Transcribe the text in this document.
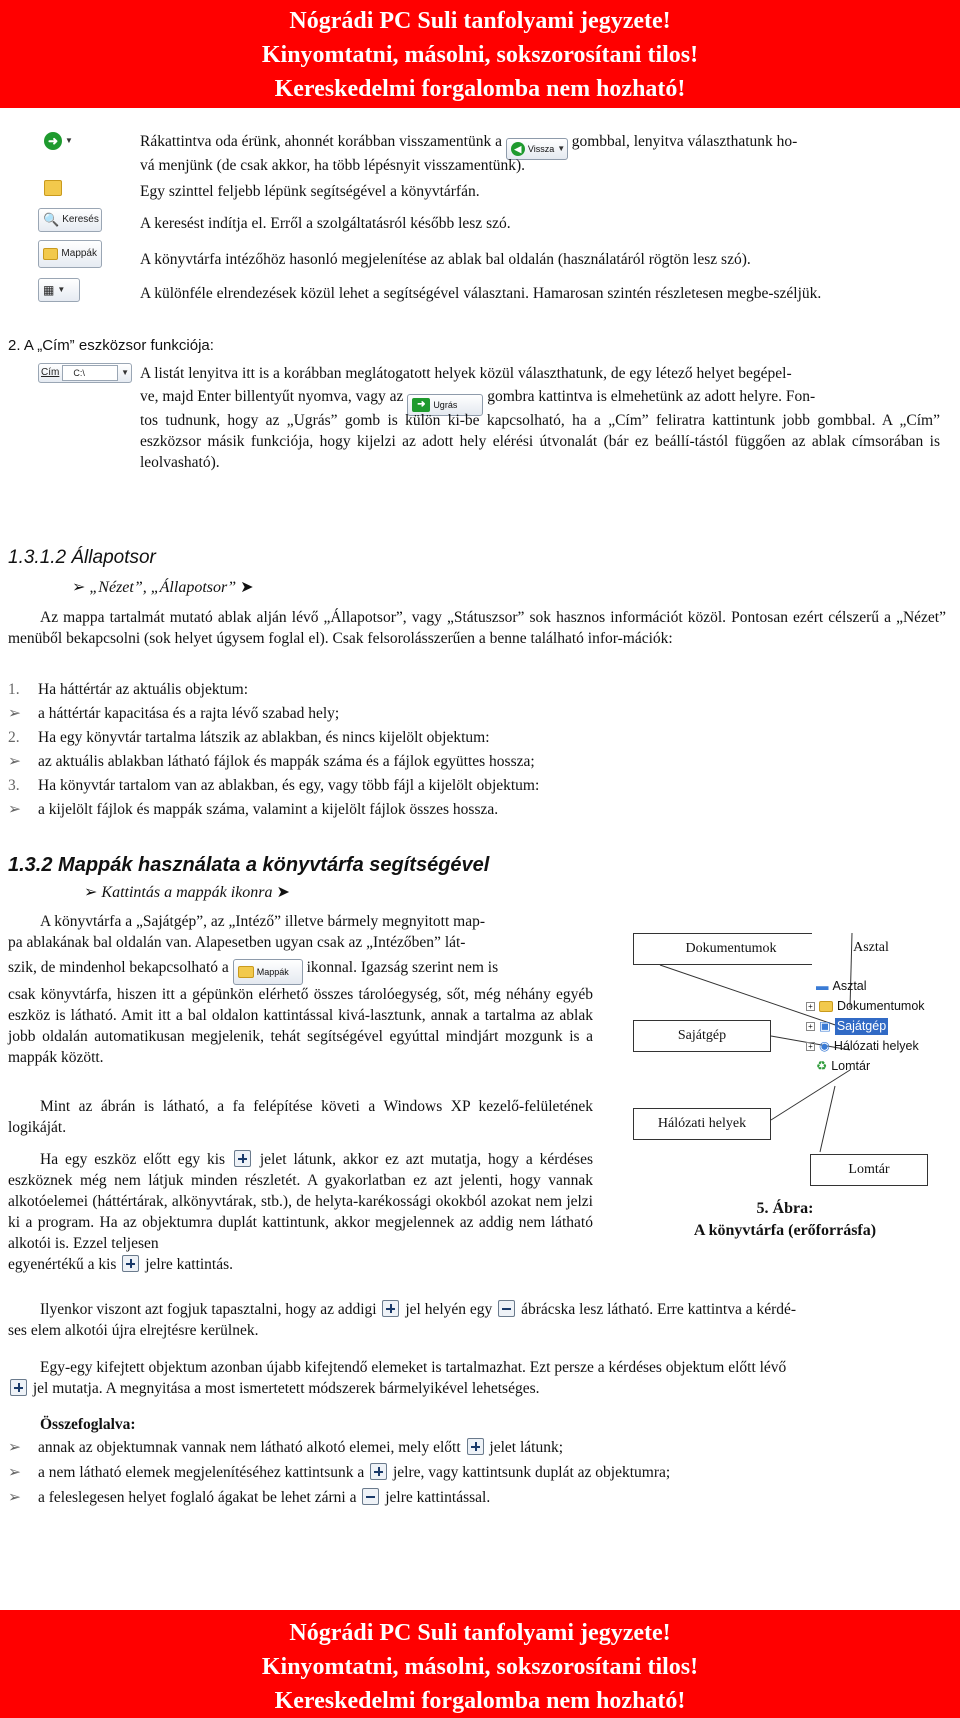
Nógrádi PC Suli tanfolyami jegyzete!
Kinyomtatni, másolni, sokszorosítani tilos!
Kereskedelmi forgalomba nem hozható!
➜ ▼	Rákattintva oda érünk, ahonnét korábban visszamentünk a	◀ Vissza ▼ gombbal, lenyitva választhatunk ho-
vá menjünk (de csak akkor, ha több lépésnyit visszamentünk).
Egy szinttel feljebb lépünk segítségével a könyvtárfán.
🔍 Keresés	A keresést indítja el. Erről a szolgáltatásról később lesz szó.
Mappák	A könyvtárfa intézőhöz hasonló megjelenítése az ablak bal oldalán (használatáról rögtön lesz szó).
▦ ▼	A különféle elrendezések közül lehet a segítségével választani. Hamarosan szintén részletesen megbe-széljük.
2. A „Cím” eszközsor funkciója:
Cím	C:\	▼ A listát lenyitva itt is a korábban meglátogatott helyek közül választhatunk, de egy létező helyet begépel-
ve, majd Enter billentyűt nyomva, vagy az	➜ Ugrás gombra kattintva is elmehetünk az adott helyre. Fon-
tos tudnunk, hogy az „Ugrás” gomb is külön ki-be kapcsolható, ha a „Cím” feliratra kattintunk jobb gombbal. A „Cím” eszközsor másik funkciója, hogy kijelzi az adott hely elérési útvonalát (bár ez beállí-tástól függően az ablak címsorában is leolvasható).
1.3.1.2 Állapotsor
➢ „Nézet”, „Állapotsor” ➤
Az mappa tartalmát mutató ablak alján lévő „Állapotsor”, vagy „Státuszsor” sok hasznos információt közöl. Pontosan ezért célszerű a „Nézet” menüből bekapcsolni (sok helyet úgysem foglal el). Csak felsorolásszerűen a benne található infor-mációk:
1. Ha háttértár az aktuális objektum:
➢ a háttértár kapacitása és a rajta lévő szabad hely;
2. Ha egy könyvtár tartalma látszik az ablakban, és nincs kijelölt objektum:
➢ az aktuális ablakban látható fájlok és mappák száma és a fájlok együttes hossza;
3. Ha könyvtár tartalom van az ablakban, és egy, vagy több fájl a kijelölt objektum:
➢ a kijelölt fájlok és mappák száma, valamint a kijelölt fájlok összes hossza.
1.3.2 Mappák használata a könyvtárfa segítségével
➢ Kattintás a mappák ikonra ➤
A könyvtárfa a „Sajátgép”, az „Intéző” illetve bármely megnyitott map-
pa ablakának bal oldalán van. Alapesetben ugyan csak az „Intézőben” lát-
szik, de mindenhol bekapcsolható a	Mappák ikonnal. Igazság szerint nem is
csak könyvtárfa, hiszen itt a gépünkön elérhető összes tárolóegység, sőt, még néhány egyéb eszköz is látható. Amit itt a bal oldalon kattintással kivá-lasztunk, annak a tartalma az ablak jobb oldalán automatikusan megjelenik, tehát segítségével egyúttal mindjárt mozgunk is a mappák között.
Mint az ábrán is látható, a fa felépítése követi a Windows XP kezelő-felületének logikáját.
Ha egy eszköz előtt egy kis jelet látunk, akkor ez azt mutatja, hogy a kérdéses eszköznek még nem látjuk minden részletét. A gyakorlatban ez azt jelenti, hogy vannak alkotóelemei (háttértárak, alkönyvtárak, stb.), de helyta-karékossági okokból azokat nem jelzi ki a program. Ha az objektumra duplát kattintunk, akkor megjelennek az addig nem látható alkotói is. Ezzel teljesen
egyenértékű a kis jelre kattintás.
Dokumentumok	Asztal
Sajátgép
Hálózati helyek
Lomtár
▬ Asztal
+ Dokumentumok
+ ▣ Sajátgép
+ ◉ Hálózati helyek
♻ Lomtár
5. Ábra:
A könyvtárfa (erőforrásfa)
Ilyenkor viszont azt fogjuk tapasztalni, hogy az addigi jel helyén egy ábrácska lesz látható. Erre kattintva a kérdé-
ses elem alkotói újra elrejtésre kerülnek.
Egy-egy kifejtett objektum azonban újabb kifejtendő elemeket is tartalmazhat. Ezt persze a kérdéses objektum előtt lévő
jel mutatja. A megnyitása a most ismertetett módszerek bármelyikével lehetséges.
Összefoglalva:
➢ annak az objektumnak vannak nem látható alkotó elemei, mely előtt jelet látunk;
➢ a nem látható elemek megjelenítéséhez kattintsunk a jelre, vagy kattintsunk duplát az objektumra;
➢ a feleslegesen helyet foglaló ágakat be lehet zárni a jelre kattintással.
Nógrádi PC Suli tanfolyami jegyzete!
Kinyomtatni, másolni, sokszorosítani tilos!
Kereskedelmi forgalomba nem hozható!
